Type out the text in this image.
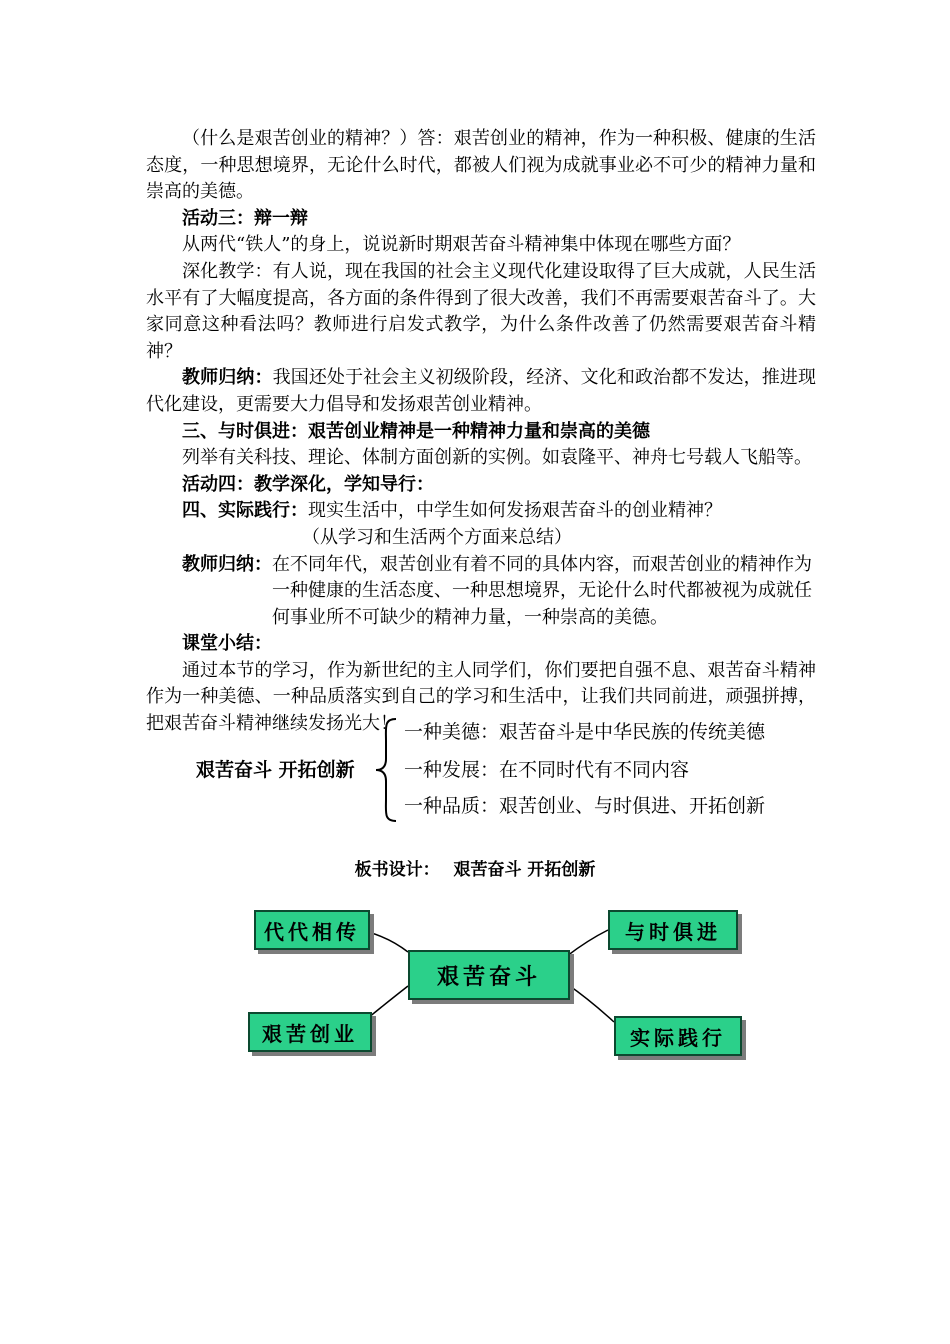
（什么是艰苦创业的精神？）答：艰苦创业的精神，作为一种积极、健康的生活态度，一种思想境界，无论什么时代，都被人们视为成就事业必不可少的精神力量和崇高的美德。

活动三：辩一辩

从两代“铁人”的身上，说说新时期艰苦奋斗精神集中体现在哪些方面？

深化教学：有人说，现在我国的社会主义现代化建设取得了巨大成就，人民生活水平有了大幅度提高，各方面的条件得到了很大改善，我们不再需要艰苦奋斗了。大家同意这种看法吗？教师进行启发式教学，为什么条件改善了仍然需要艰苦奋斗精神？

教师归纳：我国还处于社会主义初级阶段，经济、文化和政治都不发达，推进现代化建设，更需要大力倡导和发扬艰苦创业精神。

三、与时俱进：艰苦创业精神是一种精神力量和崇高的美德

列举有关科技、理论、体制方面创新的实例。如袁隆平、神舟七号载人飞船等。

活动四：教学深化，学知导行：

四、实际践行：现实生活中，中学生如何发扬艰苦奋斗的创业精神？

（从学习和生活两个方面来总结）

教师归纳： 在不同年代，艰苦创业有着不同的具体内容，而艰苦创业的精神作为一种健康的生活态度、一种思想境界，无论什么时代都被视为成就任何事业所不可缺少的精神力量，一种崇高的美德。

课堂小结：

通过本节的学习，作为新世纪的主人同学们，你们要把自强不息、艰苦奋斗精神作为一种美德、一种品质落实到自己的学习和生活中，让我们共同前进，顽强拼搏，把艰苦奋斗精神继续发扬光大！

艰苦奋斗 开拓创新
一种美德：艰苦奋斗是中华民族的传统美德
一种发展：在不同时代有不同内容
一种品质：艰苦创业、与时俱进、开拓创新
板书设计： 艰苦奋斗 开拓创新
代代相传	与时俱进
艰苦奋斗
艰苦创业	实际践行
